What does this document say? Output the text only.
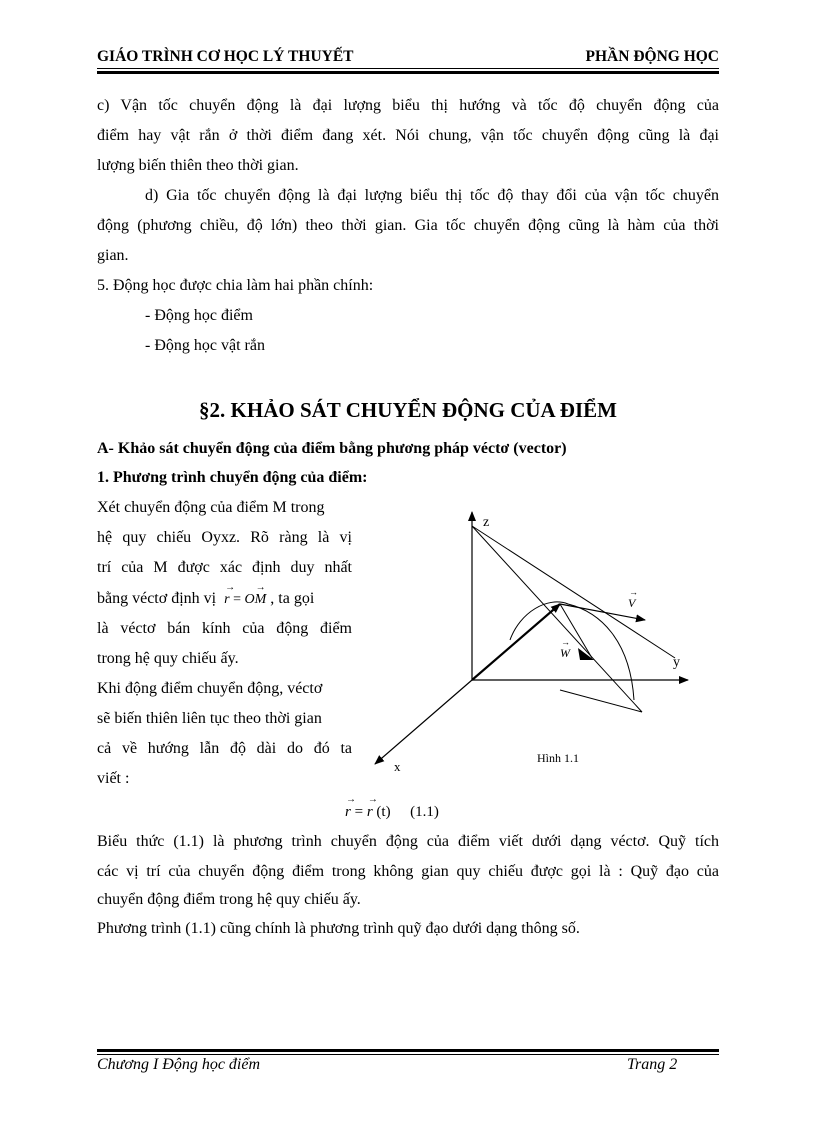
GIÁO TRÌNH CƠ HỌC LÝ THUYẾT	PHẦN ĐỘNG HỌC
c) Vận tốc chuyển động là đại lượng biểu thị hướng và tốc độ chuyển động của
điểm hay vật rắn ở thời điểm đang xét. Nói chung, vận tốc chuyển động cũng là đại
lượng biến thiên theo thời gian.
d) Gia tốc chuyển động là đại lượng biểu thị tốc độ thay đổi của vận tốc chuyển
động (phương chiều, độ lớn) theo thời gian. Gia tốc chuyển động cũng là hàm của thời
gian.
5. Động học được chia làm hai phần chính:
- Động học điểm
- Động học vật rắn
§2. KHẢO SÁT CHUYỂN ĐỘNG CỦA ĐIỂM
A- Khảo sát chuyển động của điểm bằng phương pháp véctơ (vector)
1. Phương trình chuyển động của điểm:
Xét chuyển động của điểm M trong
hệ quy chiếu Oyxz. Rõ ràng là vị
trí của M được xác định duy nhất
bằng véctơ định vị → r = O→ M , ta gọi
là véctơ bán kính của động điểm
trong hệ quy chiếu ấy.
Khi động điểm chuyển động, véctơ
sẽ biến thiên liên tục theo thời gian
cả về hướng lẫn độ dài do đó ta
viết :
z
y
x
V
→
W
→
Hình 1.1
→ r = → r (t) (1.1)
Biểu thức (1.1) là phương trình chuyển động của điểm viết dưới dạng véctơ. Quỹ tích
các vị trí của chuyển động điểm trong không gian quy chiếu được gọi là : Quỹ đạo của
chuyển động điểm trong hệ quy chiếu ấy.
Phương trình (1.1) cũng chính là phương trình quỹ đạo dưới dạng thông số.
Chương I Động học điểm	Trang 2
